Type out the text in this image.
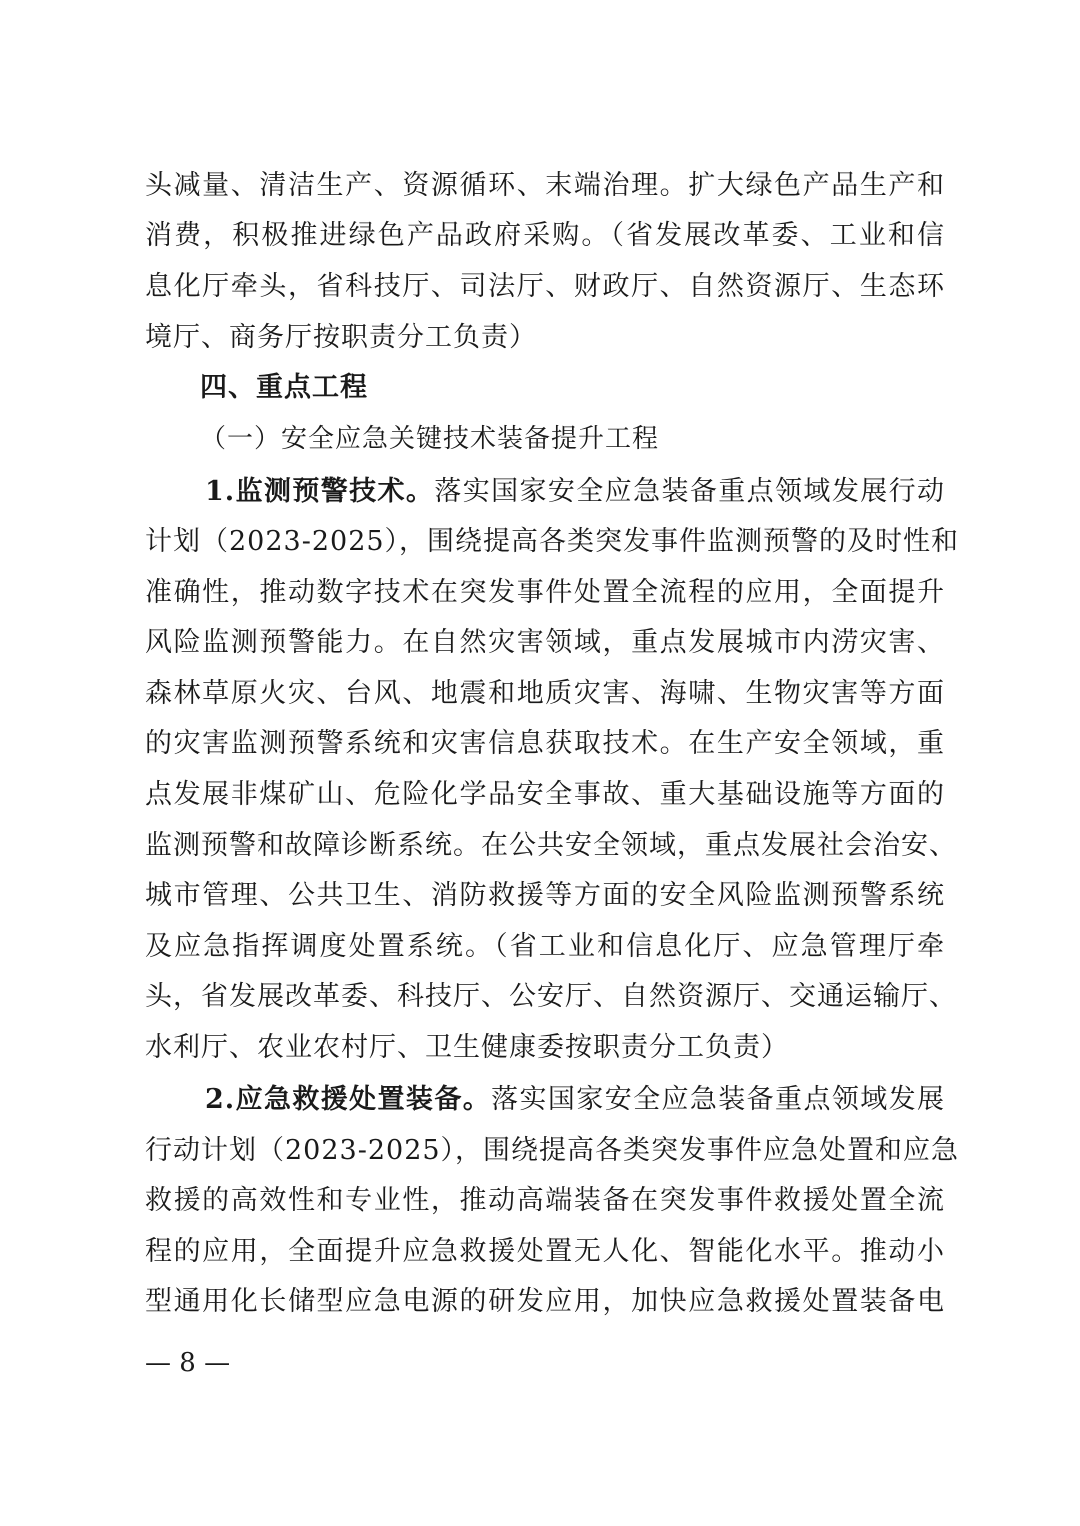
头减量、清洁生产、资源循环、末端治理。扩大绿色产品生产和
消费，积极推进绿色产品政府采购。（省发展改革委、工业和信
息化厅牵头，省科技厅、司法厅、财政厅、自然资源厅、生态环
境厅、商务厅按职责分工负责）
四、重点工程
（一）安全应急关键技术装备提升工程
1.监测预警技术。落实国家安全应急装备重点领域发展行动
计划（2023-2025），围绕提高各类突发事件监测预警的及时性和
准确性，推动数字技术在突发事件处置全流程的应用，全面提升
风险监测预警能力。在自然灾害领域，重点发展城市内涝灾害、
森林草原火灾、台风、地震和地质灾害、海啸、生物灾害等方面
的灾害监测预警系统和灾害信息获取技术。在生产安全领域，重
点发展非煤矿山、危险化学品安全事故、重大基础设施等方面的
监测预警和故障诊断系统。在公共安全领域，重点发展社会治安、
城市管理、公共卫生、消防救援等方面的安全风险监测预警系统
及应急指挥调度处置系统。（省工业和信息化厅、应急管理厅牵
头，省发展改革委、科技厅、公安厅、自然资源厅、交通运输厅、
水利厅、农业农村厅、卫生健康委按职责分工负责）
2.应急救援处置装备。落实国家安全应急装备重点领域发展
行动计划（2023-2025），围绕提高各类突发事件应急处置和应急
救援的高效性和专业性，推动高端装备在突发事件救援处置全流
程的应用，全面提升应急救援处置无人化、智能化水平。推动小
型通用化长储型应急电源的研发应用，加快应急救援处置装备电
— 8 —
